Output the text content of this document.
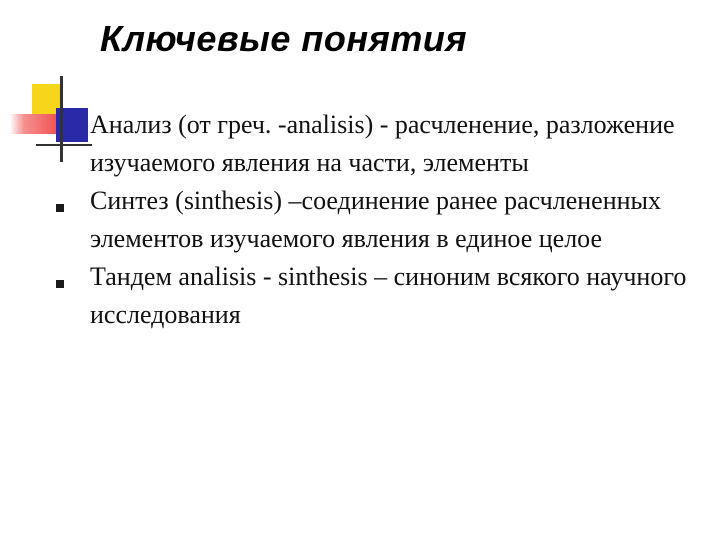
Ключевые понятия
Анализ (от греч. -analisis) - расчленение, разложение изучаемого явления на части, элементы
Синтез (sinthesis) –соединение ранее расчлененных элементов изучаемого явления в единое целое
Тандем analisis - sinthesis – синоним всякого научного исследования
